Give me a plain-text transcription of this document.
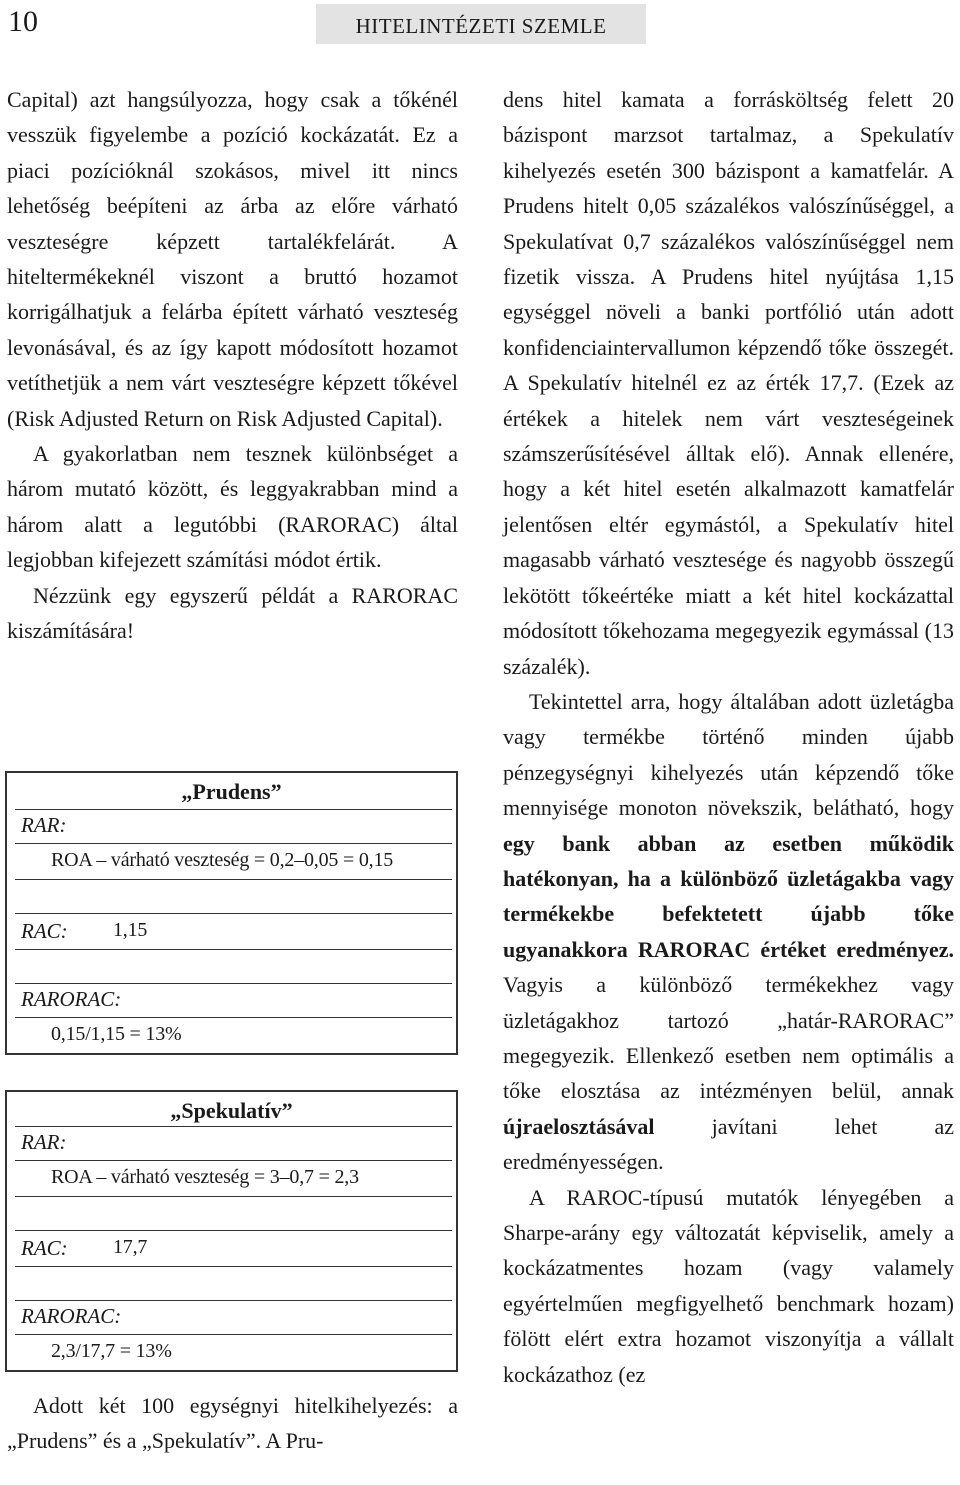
10	HITELINTÉZETI SZEMLE

Capital) azt hangsúlyozza, hogy csak a tőkénél vesszük figyelembe a pozíció kockázatát. Ez a piaci pozícióknál szokásos, mivel itt nincs lehetőség beépíteni az árba az előre várható veszteségre képzett tartalékfelárát. A hiteltermékeknél viszont a bruttó hozamot korrigálhatjuk a felárba épített várható veszteség levonásával, és az így kapott módosított hozamot vetíthetjük a nem várt veszteségre képzett tőkével (Risk Adjusted Return on Risk Adjusted Capital).

A gyakorlatban nem tesznek különbséget a három mutató között, és leggyakrabban mind a három alatt a legutóbbi (RARORAC) által legjobban kifejezett számítási módot értik.

Nézzünk egy egyszerű példát a RARORAC kiszámítására!

„Prudens”
RAR:
ROA – várható veszteség = 0,2–0,05 = 0,15
RAC: 1,15
RARORAC:
0,15/1,15 = 13%
„Spekulatív”
RAR:
ROA – várható veszteség = 3–0,7 = 2,3
RAC: 17,7
RARORAC:
2,3/17,7 = 13%

Adott két 100 egységnyi hitelkihelyezés: a „Prudens” és a „Spekulatív”. A Pru-

dens hitel kamata a forrásköltség felett 20 bázispont marzsot tartalmaz, a Spekulatív kihelyezés esetén 300 bázispont a kamatfelár. A Prudens hitelt 0,05 százalékos valószínűséggel, a Spekulatívat 0,7 százalékos valószínűséggel nem fizetik vissza. A Prudens hitel nyújtása 1,15 egységgel növeli a banki portfólió után adott konfidenciaintervallumon képzendő tőke összegét. A Spekulatív hitelnél ez az érték 17,7. (Ezek az értékek a hitelek nem várt veszteségeinek számszerűsítésével álltak elő). Annak ellenére, hogy a két hitel esetén alkalmazott kamatfelár jelentősen eltér egymástól, a Spekulatív hitel magasabb várható vesztesége és nagyobb összegű lekötött tőkeértéke miatt a két hitel kockázattal módosított tőkehozama megegyezik egymással (13 százalék).

Tekintettel arra, hogy általában adott üzletágba vagy termékbe történő minden újabb pénzegységnyi kihelyezés után képzendő tőke mennyisége monoton növekszik, belátható, hogy egy bank abban az esetben működik hatékonyan, ha a különböző üzletágakba vagy termékekbe befektetett újabb tőke ugyanakkora RARORAC értéket eredményez. Vagyis a különböző termékekhez vagy üzletágakhoz tartozó „határ-RARORAC” megegyezik. Ellenkező esetben nem optimális a tőke elosztása az intézményen belül, annak újraelosztásával javítani lehet az eredményességen.

A RAROC-típusú mutatók lényegében a Sharpe-arány egy változatát képviselik, amely a kockázatmentes hozam (vagy valamely egyértelműen megfigyelhető benchmark hozam) fölött elért extra hozamot viszonyítja a vállalt kockázathoz (ez
